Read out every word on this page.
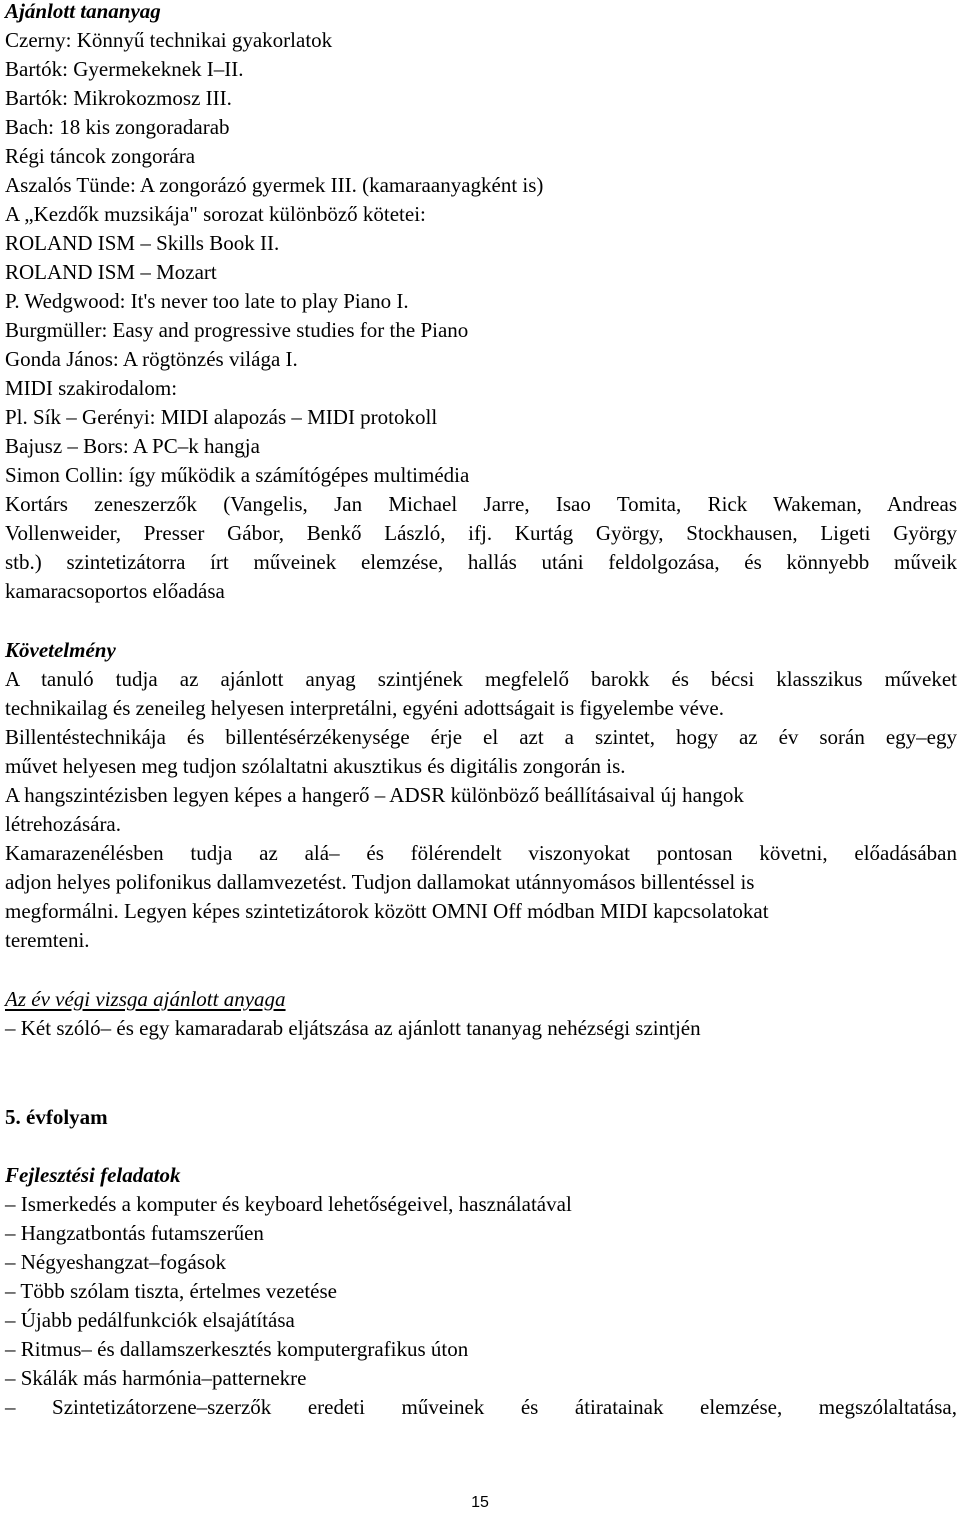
Ajánlott tananyag

Czerny: Könnyű technikai gyakorlatok

Bartók: Gyermekeknek I–II.

Bartók: Mikrokozmosz III.

Bach: 18 kis zongoradarab

Régi táncok zongorára

Aszalós Tünde: A zongorázó gyermek III. (kamaraanyagként is)

A „Kezdők muzsikája" sorozat különböző kötetei:

ROLAND ISM – Skills Book II.

ROLAND ISM – Mozart

P. Wedgwood: It's never too late to play Piano I.

Burgmüller: Easy and progressive studies for the Piano

Gonda János: A rögtönzés világa I.

MIDI szakirodalom:

Pl. Sík – Gerényi: MIDI alapozás – MIDI protokoll

Bajusz – Bors: A PC–k hangja

Simon Collin: így működik a számítógépes multimédia

Kortárs zeneszerzők (Vangelis, Jan Michael Jarre, Isao Tomita, Rick Wakeman, Andreas

Vollenweider, Presser Gábor, Benkő László, ifj. Kurtág György, Stockhausen, Ligeti György

stb.) szintetizátorra írt műveinek elemzése, hallás utáni feldolgozása, és könnyebb műveik

kamaracsoportos előadása

Követelmény

A tanuló tudja az ajánlott anyag szintjének megfelelő barokk és bécsi klasszikus műveket

technikailag és zeneileg helyesen interpretálni, egyéni adottságait is figyelembe véve.

Billentéstechnikája és billentésérzékenysége érje el azt a szintet, hogy az év során egy–egy

művet helyesen meg tudjon szólaltatni akusztikus és digitális zongorán is.

A hangszintézisben legyen képes a hangerő – ADSR különböző beállításaival új hangok

létrehozására.

Kamarazenélésben tudja az alá– és fölérendelt viszonyokat pontosan követni, előadásában

adjon helyes polifonikus dallamvezetést. Tudjon dallamokat utánnyomásos billentéssel is

megformálni. Legyen képes szintetizátorok között OMNI Off módban MIDI kapcsolatokat

teremteni.

Az év végi vizsga ajánlott anyaga

– Két szóló– és egy kamaradarab eljátszása az ajánlott tananyag nehézségi szintjén

5. évfolyam

Fejlesztési feladatok

– Ismerkedés a komputer és keyboard lehetőségeivel, használatával

– Hangzatbontás futamszerűen

– Négyeshangzat–fogások

– Több szólam tiszta, értelmes vezetése

– Újabb pedálfunkciók elsajátítása

– Ritmus– és dallamszerkesztés komputergrafikus úton

– Skálák más harmónia–patternekre

– Szintetizátorzene–szerzők eredeti műveinek és átiratainak elemzése, megszólaltatása,

15
